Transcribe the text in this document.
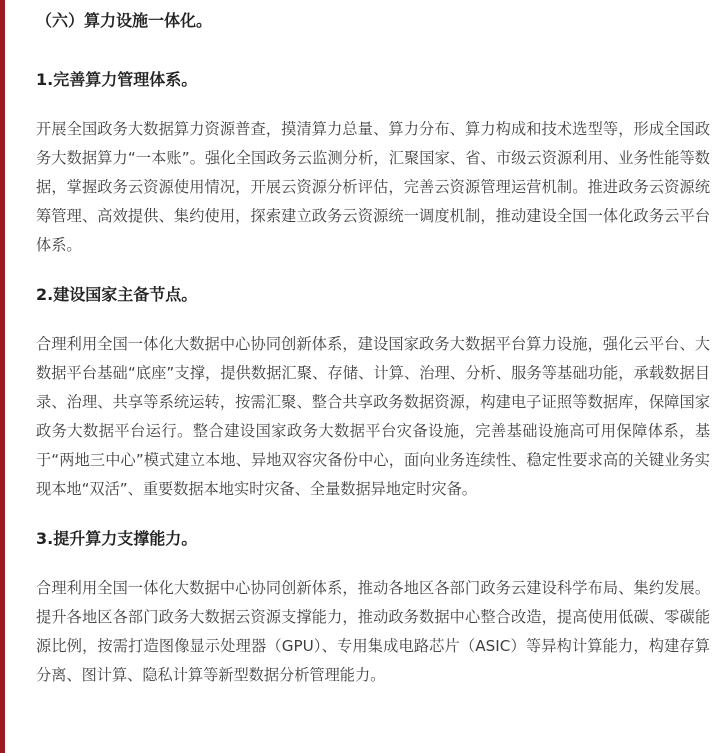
（六）算力设施一体化。

1.完善算力管理体系。

开展全国政务大数据算力资源普查，摸清算力总量、算力分布、算力构成和技术选型等，形成全国政务大数据算力“一本账”。强化全国政务云监测分析，汇聚国家、省、市级云资源利用、业务性能等数据，掌握政务云资源使用情况，开展云资源分析评估，完善云资源管理运营机制。推进政务云资源统筹管理、高效提供、集约使用，探索建立政务云资源统一调度机制，推动建设全国一体化政务云平台体系。

2.建设国家主备节点。

合理利用全国一体化大数据中心协同创新体系，建设国家政务大数据平台算力设施，强化云平台、大数据平台基础“底座”支撑，提供数据汇聚、存储、计算、治理、分析、服务等基础功能，承载数据目录、治理、共享等系统运转，按需汇聚、整合共享政务数据资源，构建电子证照等数据库，保障国家政务大数据平台运行。整合建设国家政务大数据平台灾备设施，完善基础设施高可用保障体系，基于“两地三中心”模式建立本地、异地双容灾备份中心，面向业务连续性、稳定性要求高的关键业务实现本地“双活”、重要数据本地实时灾备、全量数据异地定时灾备。

3.提升算力支撑能力。

合理利用全国一体化大数据中心协同创新体系，推动各地区各部门政务云建设科学布局、集约发展。提升各地区各部门政务大数据云资源支撑能力，推动政务数据中心整合改造，提高使用低碳、零碳能源比例，按需打造图像显示处理器（GPU）、专用集成电路芯片（ASIC）等异构计算能力，构建存算分离、图计算、隐私计算等新型数据分析管理能力。
